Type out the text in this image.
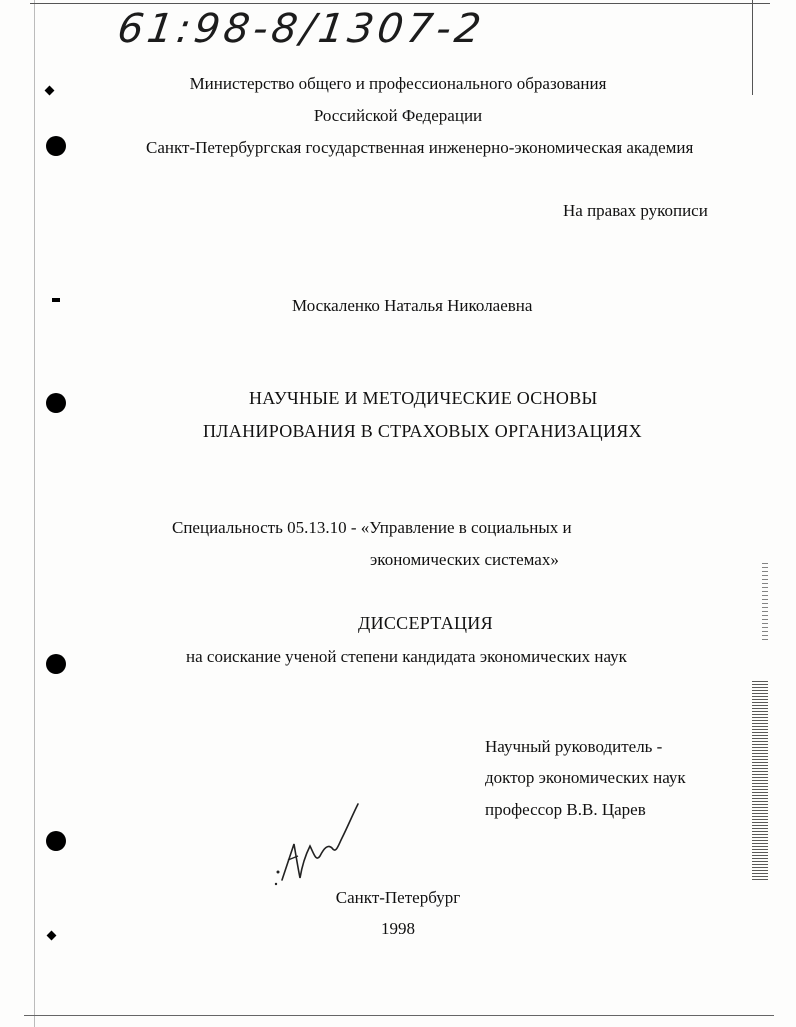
61:98-8/1307-2
Министерство общего и профессионального образования
Российской Федерации
Санкт-Петербургская государственная инженерно-экономическая академия
На правах рукописи
Москаленко Наталья Николаевна
НАУЧНЫЕ И МЕТОДИЧЕСКИЕ ОСНОВЫ
ПЛАНИРОВАНИЯ В СТРАХОВЫХ ОРГАНИЗАЦИЯХ
Специальность 05.13.10 - «Управление в социальных и
экономических системах»
ДИССЕРТАЦИЯ
на соискание ученой степени кандидата экономических наук
Научный руководитель -
доктор экономических наук
профессор В.В. Царев
Санкт-Петербург
1998
